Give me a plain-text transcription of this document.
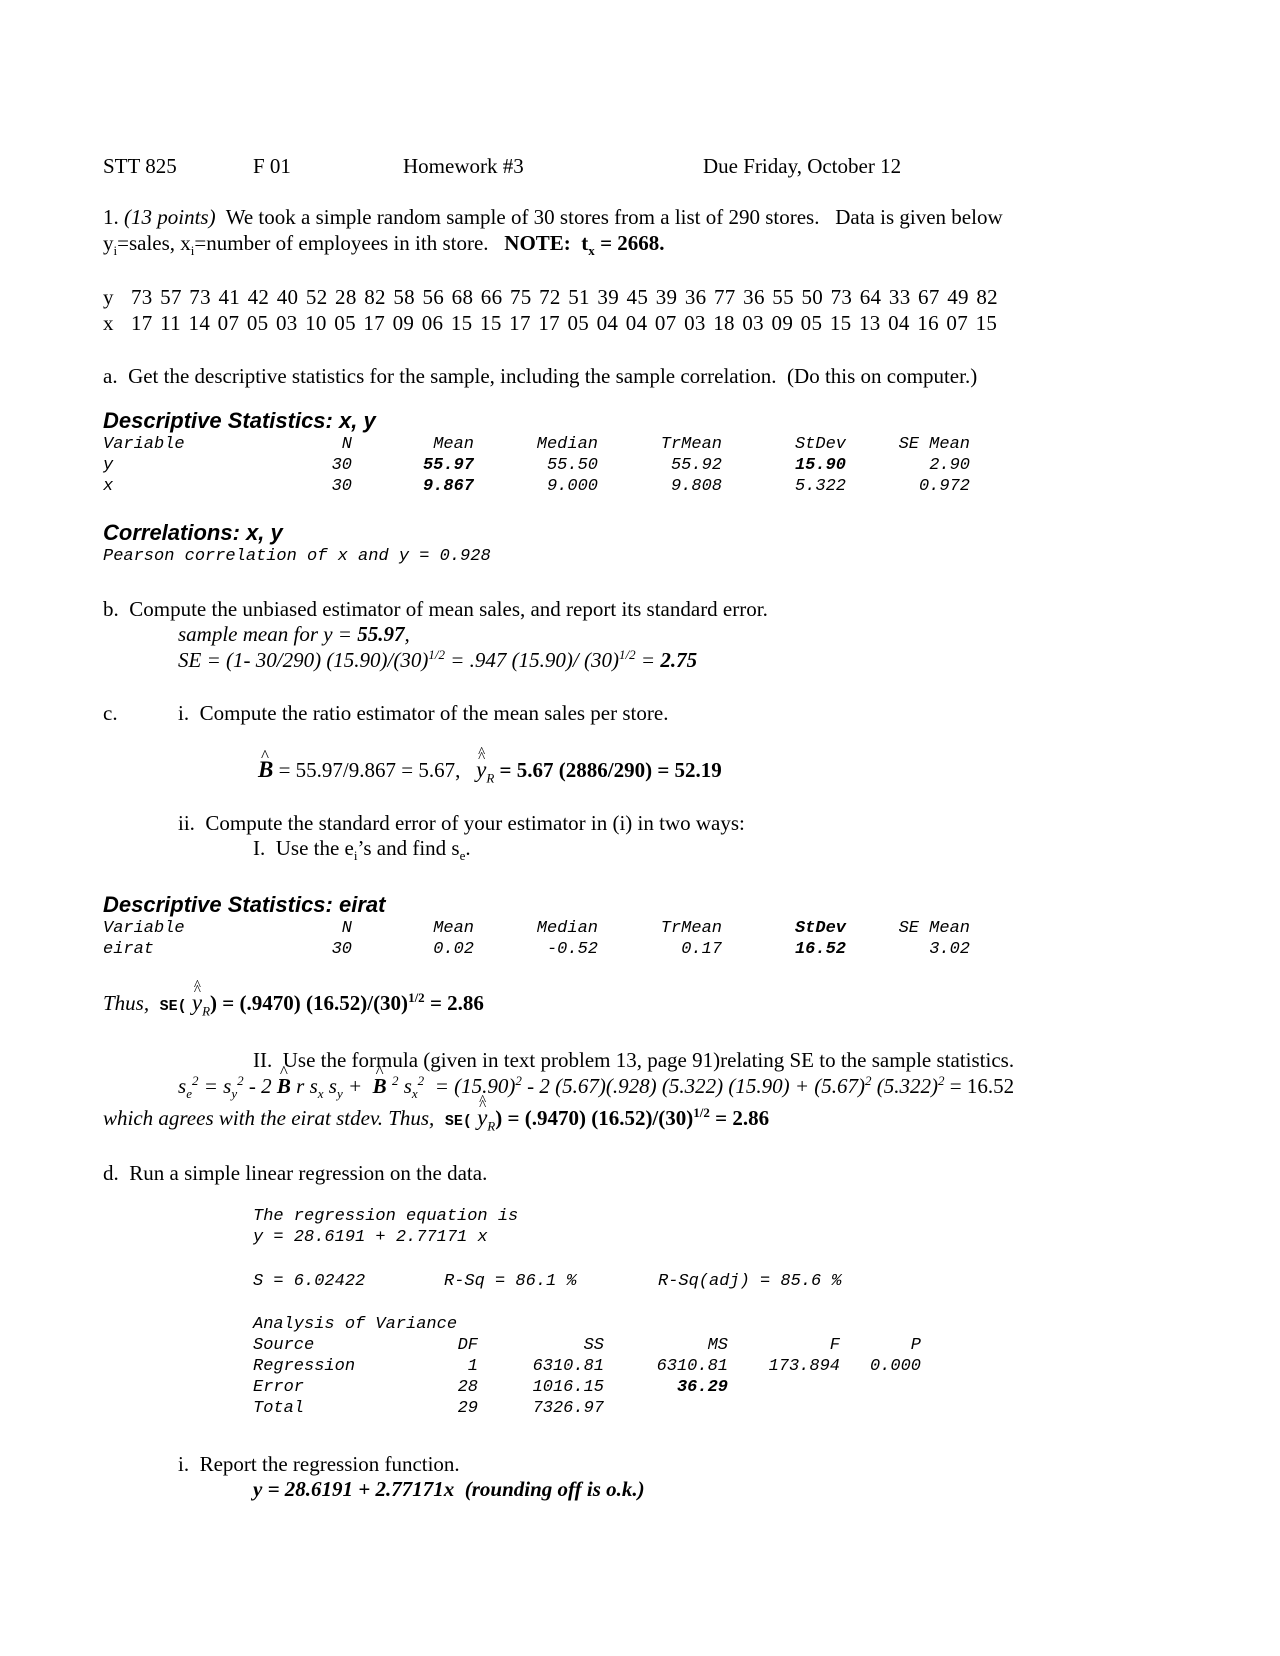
STT 825	F 01	Homework #3	Due Friday, October 12
1. (13 points)  We took a simple random sample of 30 stores from a list of 290 stores.   Data is given below
$y_i=sales$, $x_i=number$ of employees in ith store.   NOTE:  $t_x = 2668$.
y 73 57 73 41 42 40 52 28 82 58 56 68 66 75 72 51 39 45 39 36 77 36 55 50 73 64 33 67 49 82
x 17 11 14 07 05 03 10 05 17 09 06 15 15 17 17 05 04 04 07 03 18 03 09 05 15 13 04 16 07 15
a.  Get the descriptive statistics for the sample, including the sample correlation.  (Do this on computer.)
Descriptive Statistics: x, y
Variable	N	Mean	Median	TrMean	StDev	SE Mean
y	30	55.97	55.50	55.92	15.90	2.90
x	30	9.867	9.000	9.808	5.322	0.972
Correlations: x, y
Pearson correlation of x and y = 0.928
b.  Compute the unbiased estimator of mean sales, and report its standard error.
sample mean for y = 55.97,
SE = (1- 30/290) $(15.90)/(30)^{1/2} = .947$ (15.90)/ $(30)^{1/2} = 2.75$
c.	i.  Compute the ratio estimator of the mean sales per store.
^ B = 55.97/9.867 = 5.67,   ^ $y_R$ ^ = 5.67 (2886/290) = 52.19
ii.  Compute the standard error of your estimator in (i) in two ways:
I.  Use the $e_i’s$ and find $s_e$.
Descriptive Statistics: eirat
Variable	N	Mean	Median	TrMean	StDev	SE Mean
eirat	30	0.02	-0.52	0.17	16.52	3.02
Thus,  SE( ^ $y_R$ ^) = (.9470) $(16.52)/(30)^{1/2} = 2.86$
II.  Use the formula (given in text problem 13, page 91)relating SE to the sample statistics.
$s_e^2 = s_y^2 - 2$ ^ B r $s_x$ $s_y$ +  ^ B $^2$ $s_x^2 = (15.90)^2 - 2$ (5.67)(.928) (5.322) $(15.90) + (5.67)^2$ $(5.322)^2 = 16.52$
which agrees with the eirat stdev. Thus,  SE( ^ $y_R$ ^) = (.9470) $(16.52)/(30)^{1/2} = 2.86$
d.  Run a simple linear regression on the data.
The regression equation is
y = 28.6191 + 2.77171 x
S = 6.02422	R-Sq = 86.1 %	R-Sq(adj) = 85.6 %
Analysis of Variance
Source	DF	SS	MS	F	P
Regression	1	6310.81	6310.81	173.894	0.000
Error	28	1016.15	36.29
Total	29	7326.97
i.  Report the regression function.
y = 28.6191 + 2.77171x  (rounding off is o.k.)
